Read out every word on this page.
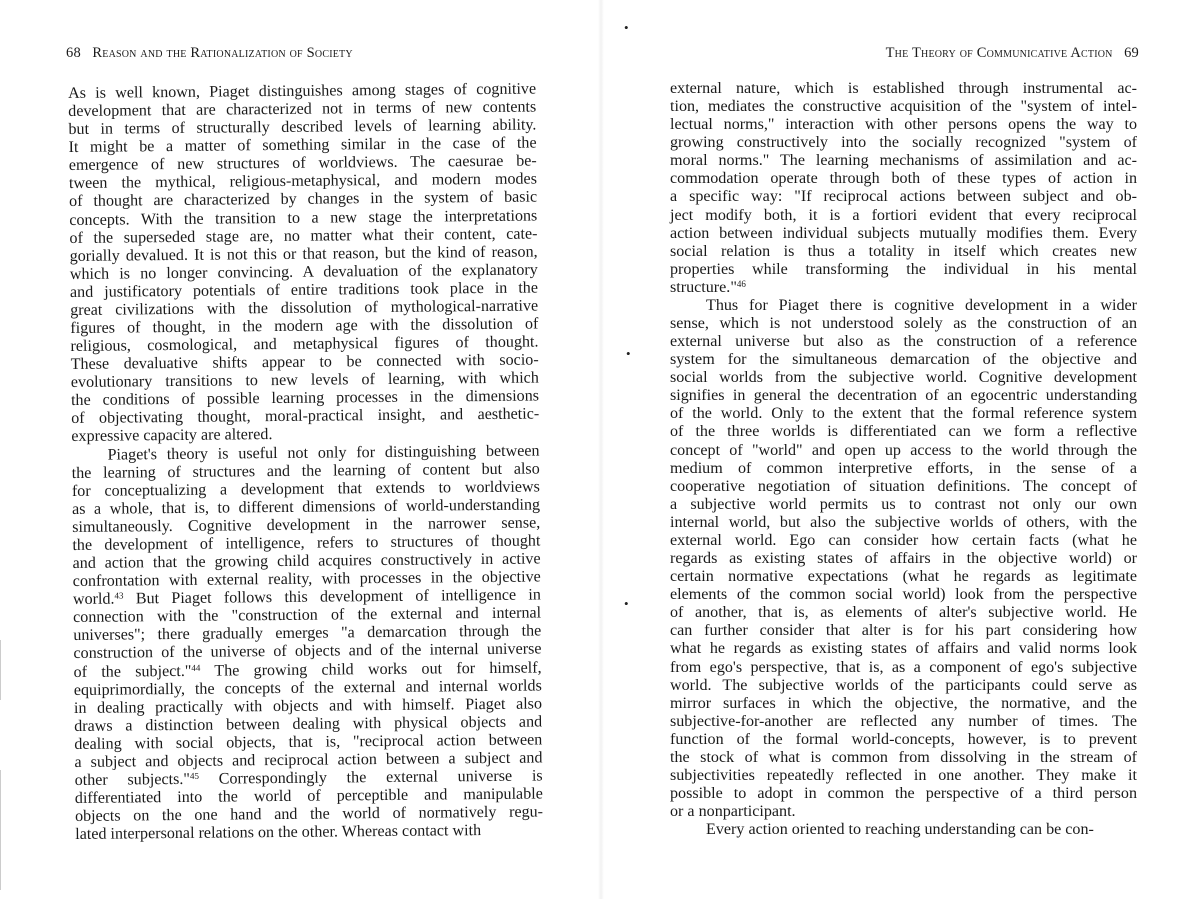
68 Reason and the Rationalization of Society
As is well known, Piaget distinguishes among stages of cognitive
development that are characterized not in terms of new contents
but in terms of structurally described levels of learning ability.
It might be a matter of something similar in the case of the
emergence of new structures of worldviews. The caesurae be-
tween the mythical, religious-metaphysical, and modern modes
of thought are characterized by changes in the system of basic
concepts. With the transition to a new stage the interpretations
of the superseded stage are, no matter what their content, cate-
gorially devalued. It is not this or that reason, but the kind of reason,
which is no longer convincing. A devaluation of the explanatory
and justificatory potentials of entire traditions took place in the
great civilizations with the dissolution of mythological-narrative
figures of thought, in the modern age with the dissolution of
religious, cosmological, and metaphysical figures of thought.
These devaluative shifts appear to be connected with socio-
evolutionary transitions to new levels of learning, with which
the conditions of possible learning processes in the dimensions
of objectivating thought, moral-practical insight, and aesthetic-
expressive capacity are altered.
Piaget's theory is useful not only for distinguishing between
the learning of structures and the learning of content but also
for conceptualizing a development that extends to worldviews
as a whole, that is, to different dimensions of world-understanding
simultaneously. Cognitive development in the narrower sense,
the development of intelligence, refers to structures of thought
and action that the growing child acquires constructively in active
confrontation with external reality, with processes in the objective
world.$^{43}$ But Piaget follows this development of intelligence in
connection with the "construction of the external and internal
universes"; there gradually emerges "a demarcation through the
construction of the universe of objects and of the internal universe
of the subject."$^{44}$ The growing child works out for himself,
equiprimordially, the concepts of the external and internal worlds
in dealing practically with objects and with himself. Piaget also
draws a distinction between dealing with physical objects and
dealing with social objects, that is, "reciprocal action between
a subject and objects and reciprocal action between a subject and
other subjects."$^{45}$ Correspondingly the external universe is
differentiated into the world of perceptible and manipulable
objects on the one hand and the world of normatively regu-
lated interpersonal relations on the other. Whereas contact with
The Theory of Communicative Action 69
external nature, which is established through instrumental ac-
tion, mediates the constructive acquisition of the "system of intel-
lectual norms," interaction with other persons opens the way to
growing constructively into the socially recognized "system of
moral norms." The learning mechanisms of assimilation and ac-
commodation operate through both of these types of action in
a specific way: "If reciprocal actions between subject and ob-
ject modify both, it is a fortiori evident that every reciprocal
action between individual subjects mutually modifies them. Every
social relation is thus a totality in itself which creates new
properties while transforming the individual in his mental
structure."$^{46}$
Thus for Piaget there is cognitive development in a wider
sense, which is not understood solely as the construction of an
external universe but also as the construction of a reference
system for the simultaneous demarcation of the objective and
social worlds from the subjective world. Cognitive development
signifies in general the decentration of an egocentric understanding
of the world. Only to the extent that the formal reference system
of the three worlds is differentiated can we form a reflective
concept of "world" and open up access to the world through the
medium of common interpretive efforts, in the sense of a
cooperative negotiation of situation definitions. The concept of
a subjective world permits us to contrast not only our own
internal world, but also the subjective worlds of others, with the
external world. Ego can consider how certain facts (what he
regards as existing states of affairs in the objective world) or
certain normative expectations (what he regards as legitimate
elements of the common social world) look from the perspective
of another, that is, as elements of alter's subjective world. He
can further consider that alter is for his part considering how
what he regards as existing states of affairs and valid norms look
from ego's perspective, that is, as a component of ego's subjective
world. The subjective worlds of the participants could serve as
mirror surfaces in which the objective, the normative, and the
subjective-for-another are reflected any number of times. The
function of the formal world-concepts, however, is to prevent
the stock of what is common from dissolving in the stream of
subjectivities repeatedly reflected in one another. They make it
possible to adopt in common the perspective of a third person
or a nonparticipant.
Every action oriented to reaching understanding can be con-
•
•
•
